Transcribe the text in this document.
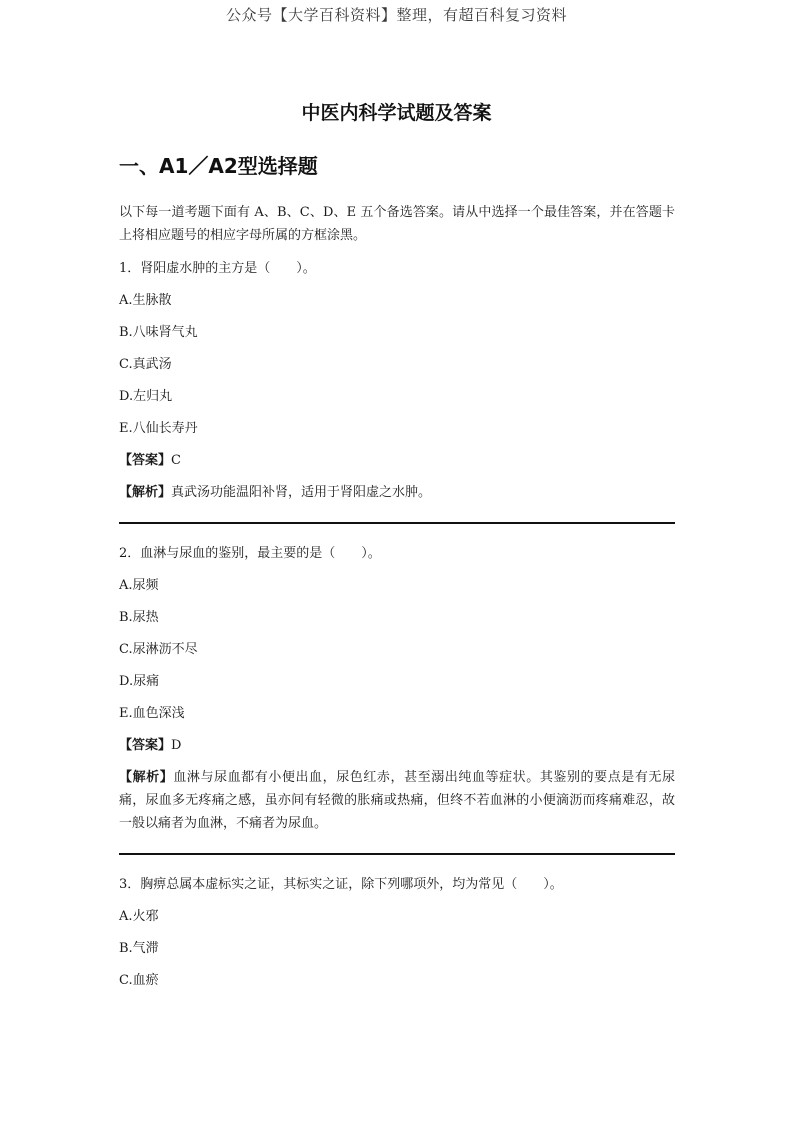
公众号【大学百科资料】整理，有超百科复习资料
中医内科学试题及答案
一、A1／A2型选择题

以下每一道考题下面有 A、B、C、D、E 五个备选答案。请从中选择一个最佳答案，并在答题卡上将相应题号的相应字母所属的方框涂黑。

1．肾阳虚水肿的主方是（　　）。

A.生脉散

B.八味肾气丸

C.真武汤

D.左归丸

E.八仙长寿丹

【答案】C

【解析】真武汤功能温阳补肾，适用于肾阳虚之水肿。

2．血淋与尿血的鉴别，最主要的是（　　）。

A.尿频

B.尿热

C.尿淋沥不尽

D.尿痛

E.血色深浅

【答案】D

【解析】血淋与尿血都有小便出血，尿色红赤，甚至溺出纯血等症状。其鉴别的要点是有无尿痛，尿血多无疼痛之感，虽亦间有轻微的胀痛或热痛，但终不若血淋的小便滴沥而疼痛难忍，故一般以痛者为血淋，不痛者为尿血。

3．胸痹总属本虚标实之证，其标实之证，除下列哪项外，均为常见（　　）。

A.火邪

B.气滞

C.血瘀
